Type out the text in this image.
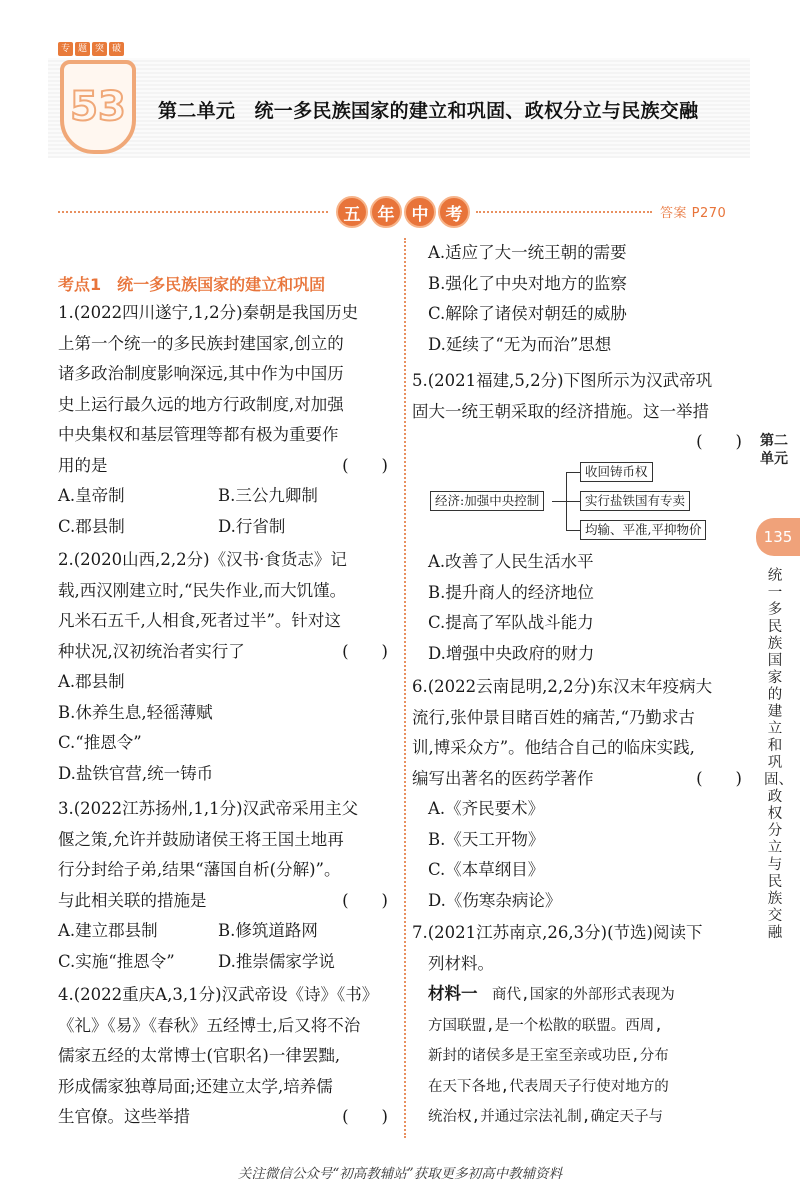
专 题 突 破
53	第二单元　统一多民族国家的建立和巩固、政权分立与民族交融
五	年	中	考	答案 P270
考点1　统一多民族国家的建立和巩固
1.(2022四川遂宁,1,2分)秦朝是我国历史
上第一个统一的多民族封建国家,创立的
诸多政治制度影响深远,其中作为中国历
史上运行最久远的地方行政制度,对加强
中央集权和基层管理等都有极为重要作
用的是	(　　)
A.皇帝制	B.三公九卿制
C.郡县制	D.行省制
2.(2020山西,2,2分)《汉书·食货志》记
载,西汉刚建立时,“民失作业,而大饥馑。
凡米石五千,人相食,死者过半”。针对这
种状况,汉初统治者实行了	(　　)
A.郡县制
B.休养生息,轻徭薄赋
C.“推恩令”
D.盐铁官营,统一铸币
3.(2022江苏扬州,1,1分)汉武帝采用主父
偃之策,允许并鼓励诸侯王将王国土地再
行分封给子弟,结果“藩国自析(分解)”。
与此相关联的措施是	(　　)
A.建立郡县制	B.修筑道路网
C.实施“推恩令”	D.推崇儒家学说
4.(2022重庆A,3,1分)汉武帝设《诗》《书》
《礼》《易》《春秋》五经博士,后又将不治
儒家五经的太常博士(官职名)一律罢黜,
形成儒家独尊局面;还建立太学,培养儒
生官僚。这些举措	(　　)
A.适应了大一统王朝的需要
B.强化了中央对地方的监察
C.解除了诸侯对朝廷的威胁
D.延续了“无为而治”思想
5.(2021福建,5,2分)下图所示为汉武帝巩
固大一统王朝采取的经济措施。这一举措
(　　)
经济:加强中央控制
收回铸币权
实行盐铁国有专卖
均输、平准,平抑物价
A.改善了人民生活水平
B.提升商人的经济地位
C.提高了军队战斗能力
D.增强中央政府的财力
6.(2022云南昆明,2,2分)东汉末年疫病大
流行,张仲景目睹百姓的痛苦,“乃勤求古
训,博采众方”。他结合自己的临床实践,
编写出著名的医药学著作	(　　)
A.《齐民要术》
B.《天工开物》
C.《本草纲目》
D.《伤寒杂病论》
7.(2021江苏南京,26,3分)(节选)阅读下
列材料。
材料一　商代,国家的外部形式表现为
方国联盟,是一个松散的联盟。西周,
新封的诸侯多是王室至亲或功臣,分布
在天下各地,代表周天子行使对地方的
统治权,并通过宗法礼制,确定天子与
第二单元
135
统一多民族国家的建立和巩固、政权分立与民族交融
关注微信公众号“初高教辅站”获取更多初高中教辅资料
